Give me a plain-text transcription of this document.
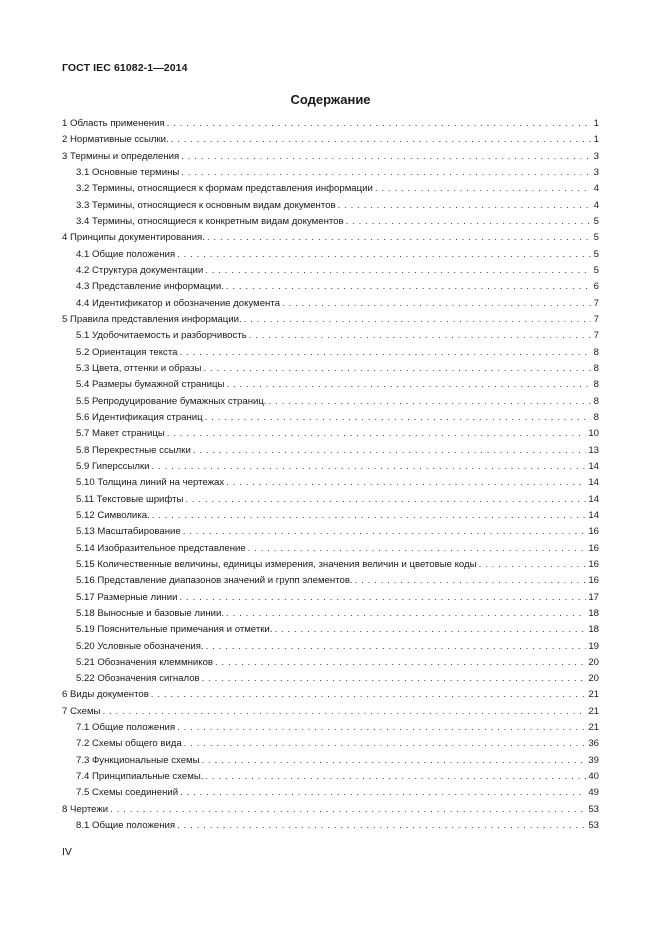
ГОСТ IEC 61082-1—2014
Содержание
1 Область применения . . .	1
2 Нормативные ссылки. . . .	1
3 Термины и определения . . .	3
3.1 Основные термины . . .	3
3.2 Термины, относящиеся к формам представления информации . . .	4
3.3 Термины, относящиеся к основным видам документов . . .	4
3.4 Термины, относящиеся к конкретным видам документов . . .	5
4 Принципы документирования. . . .	5
4.1 Общие положения . . .	5
4.2 Структура документации . . .	5
4.3 Представление информации. . . .	6
4.4 Идентификатор и обозначение документа . . .	7
5 Правила представления информации. . . .	7
5.1 Удобочитаемость и разборчивость . . .	7
5.2 Ориентация текста . . .	8
5.3 Цвета, оттенки и образы . . .	8
5.4 Размеры бумажной страницы . . .	8
5.5 Репродуцирование бумажных страниц. . . .	8
5.6 Идентификация страниц . . .	8
5.7 Макет страницы . . .	10
5.8 Перекрестные ссылки . . .	13
5.9 Гиперссылки . . .	14
5.10 Толщина линий на чертежах . . .	14
5.11 Текстовые шрифты . . .	14
5.12 Символика. . . .	14
5.13 Масштабирование . . .	16
5.14 Изобразительное представление . . .	16
5.15 Количественные величины, единицы измерения, значения величин и цветовые коды . . .	16
5.16 Представление диапазонов значений и групп элементов. . . .	16
5.17 Размерные линии . . .	17
5.18 Выносные и базовые линии. . . .	18
5.19 Пояснительные примечания и отметки. . . .	18
5.20 Условные обозначения. . . .	19
5.21 Обозначения клеммников . . .	20
5.22 Обозначения сигналов . . .	20
6 Виды документов . . .	21
7 Схемы . . .	21
7.1 Общие положения . . .	21
7.2 Схемы общего вида . . .	36
7.3 Функциональные схемы . . .	39
7.4 Принципиальные схемы. . . .	40
7.5 Схемы соединений . . .	49
8 Чертежи . . .	53
8.1 Общие положения . . .	53
IV
